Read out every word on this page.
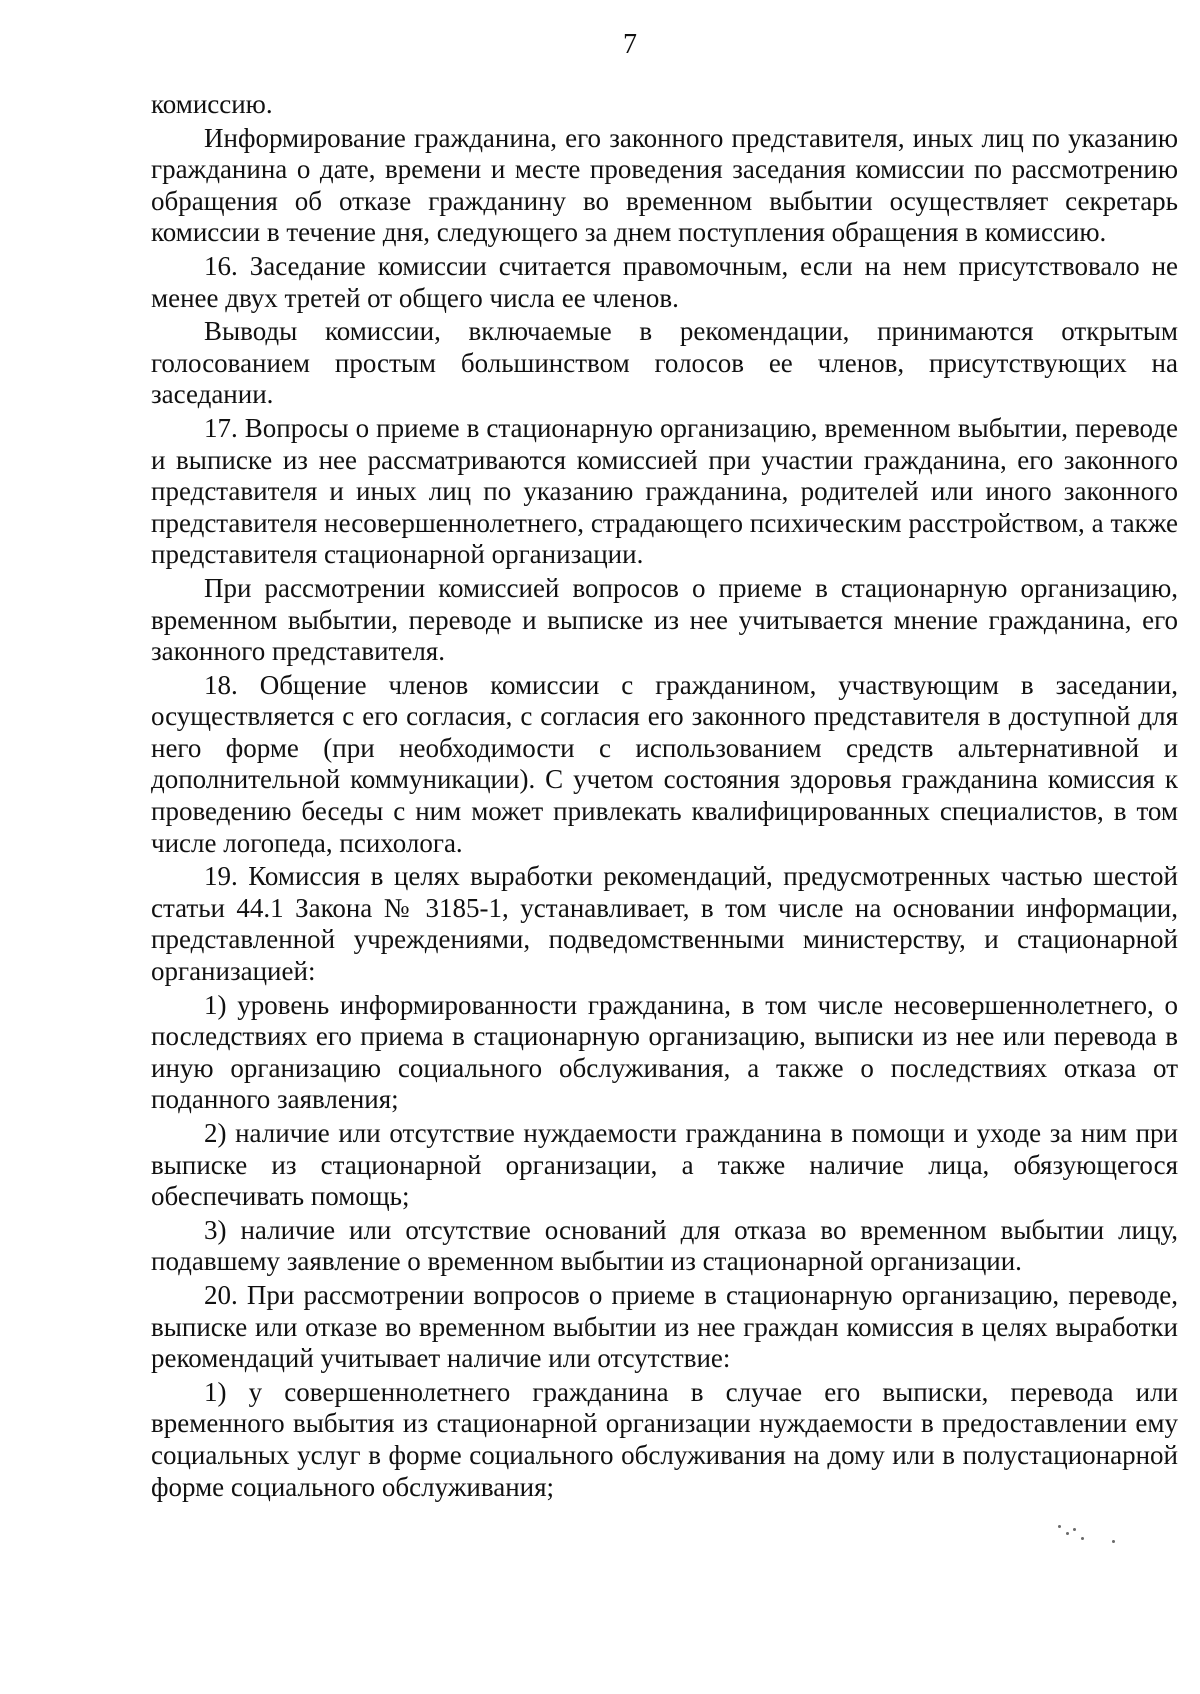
7

комиссию.

Информирование гражданина, его законного представителя, иных лиц по указанию гражданина о дате, времени и месте проведения заседания комиссии по рассмотрению обращения об отказе гражданину во временном выбытии осуществляет секретарь комиссии в течение дня, следующего за днем поступления обращения в комиссию.

16. Заседание комиссии считается правомочным, если на нем присутствовало не менее двух третей от общего числа ее членов.

Выводы комиссии, включаемые в рекомендации, принимаются открытым голосованием простым большинством голосов ее членов, присутствующих на заседании.

17. Вопросы о приеме в стационарную организацию, временном выбытии, переводе и выписке из нее рассматриваются комиссией при участии гражданина, его законного представителя и иных лиц по указанию гражданина, родителей или иного законного представителя несовершеннолетнего, страдающего психическим расстройством, а также представителя стационарной организации.

При рассмотрении комиссией вопросов о приеме в стационарную организацию, временном выбытии, переводе и выписке из нее учитывается мнение гражданина, его законного представителя.

18. Общение членов комиссии с гражданином, участвующим в заседании, осуществляется с его согласия, с согласия его законного представителя в доступной для него форме (при необходимости с использованием средств альтернативной и дополнительной коммуникации). С учетом состояния здоровья гражданина комиссия к проведению беседы с ним может привлекать квалифицированных специалистов, в том числе логопеда, психолога.

19. Комиссия в целях выработки рекомендаций, предусмотренных частью шестой статьи 44.1 Закона № 3185-1, устанавливает, в том числе на основании информации, представленной учреждениями, подведомственными министерству, и стационарной организацией:

1) уровень информированности гражданина, в том числе несовершеннолетнего, о последствиях его приема в стационарную организацию, выписки из нее или перевода в иную организацию социального обслуживания, а также о последствиях отказа от поданного заявления;

2) наличие или отсутствие нуждаемости гражданина в помощи и уходе за ним при выписке из стационарной организации, а также наличие лица, обязующегося обеспечивать помощь;

3) наличие или отсутствие оснований для отказа во временном выбытии лицу, подавшему заявление о временном выбытии из стационарной организации.

20. При рассмотрении вопросов о приеме в стационарную организацию, переводе, выписке или отказе во временном выбытии из нее граждан комиссия в целях выработки рекомендаций учитывает наличие или отсутствие:

1) у совершеннолетнего гражданина в случае его выписки, перевода или временного выбытия из стационарной организации нуждаемости в предоставлении ему социальных услуг в форме социального обслуживания на дому или в полустационарной форме социального обслуживания;
